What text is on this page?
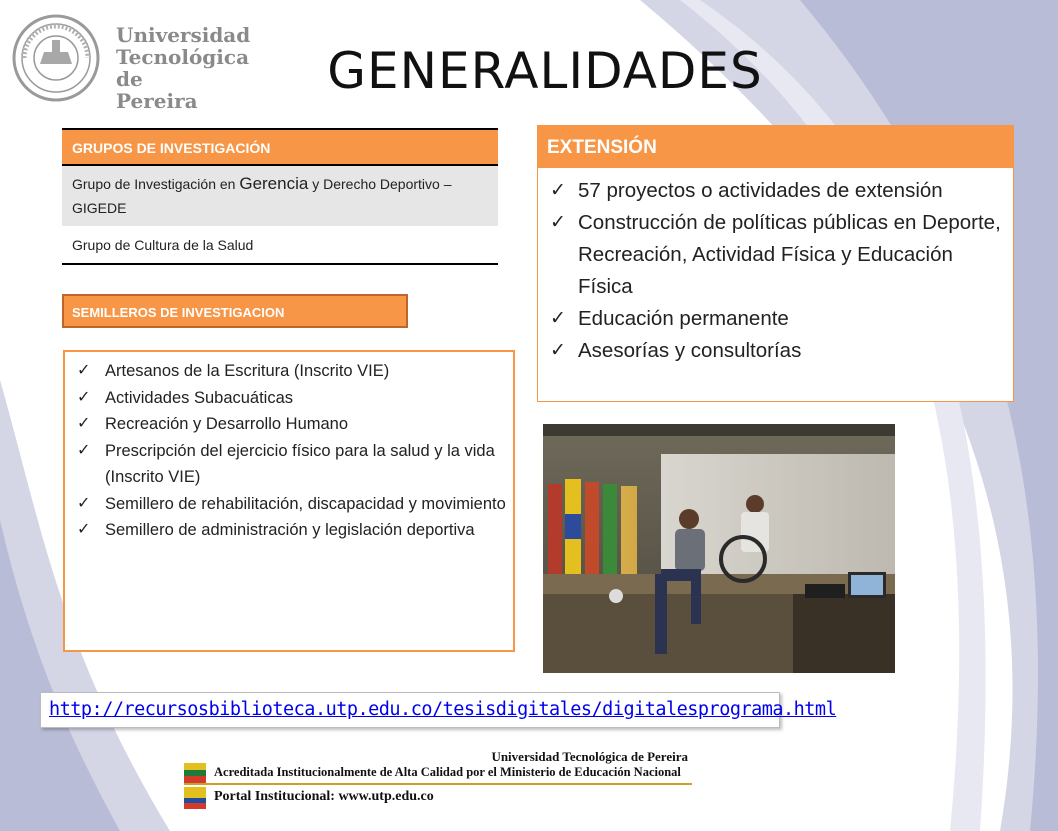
Universidad
Tecnológica
de Pereira
GENERALIDADES
GRUPOS DE INVESTIGACIÓN
Grupo de Investigación en Gerencia y Derecho Deportivo – GIGEDE
Grupo de Cultura de la Salud
SEMILLEROS DE INVESTIGACION
✓ Artesanos de la Escritura (Inscrito VIE)
✓ Actividades Subacuáticas
✓ Recreación y Desarrollo Humano
✓ Prescripción del ejercicio físico para la salud y la vida (Inscrito VIE)
✓ Semillero de rehabilitación, discapacidad y movimiento
✓ Semillero de administración y legislación deportiva
EXTENSIÓN
✓ 57 proyectos o actividades de extensión
✓ Construcción de políticas públicas en Deporte, Recreación, Actividad Física y Educación Física
✓ Educación permanente
✓ Asesorías y consultorías
http://recursosbiblioteca.utp.edu.co/tesisdigitales/digitalesprograma.html
Universidad Tecnológica de Pereira
Acreditada Institucionalmente de Alta Calidad por el Ministerio de Educación Nacional
Portal Institucional: www.utp.edu.co
